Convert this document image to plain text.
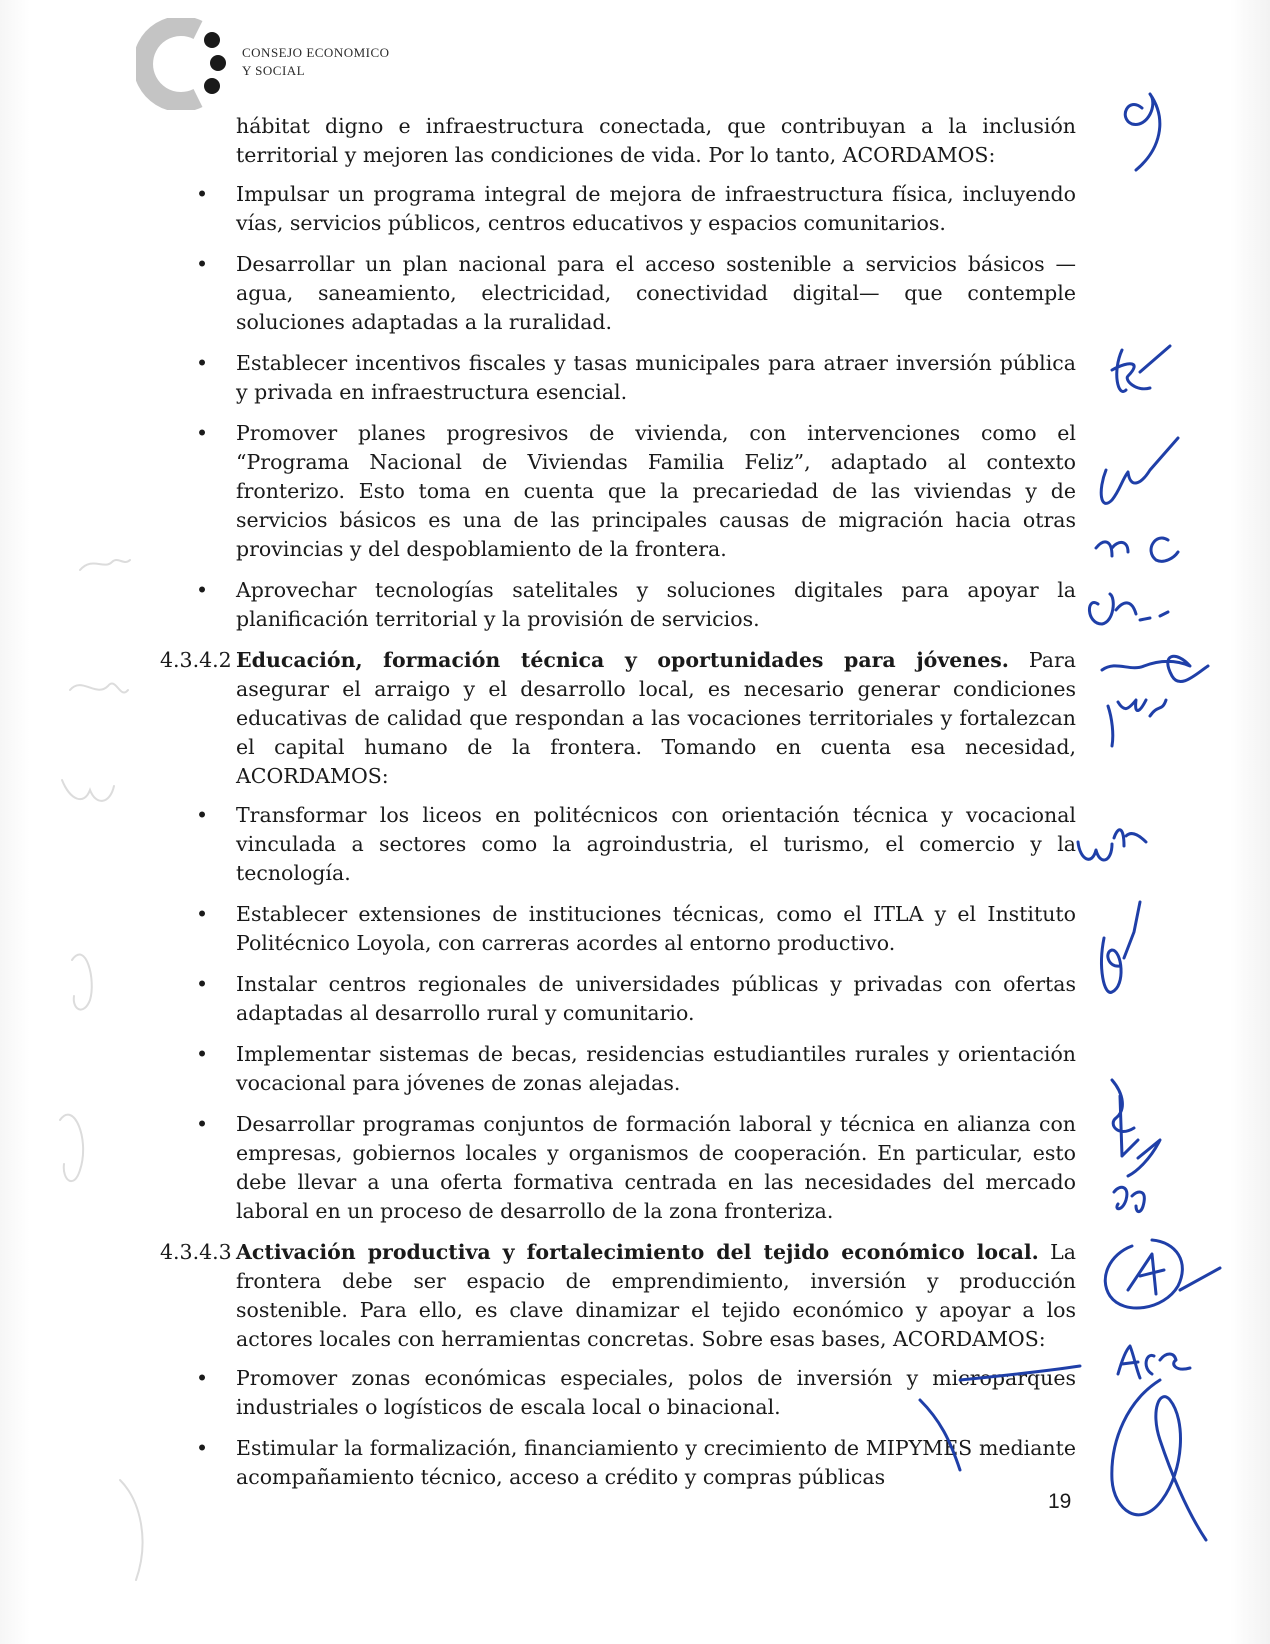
ES	CONSEJO ECONOMICO
Y SOCIAL

hábitat digno e infraestructura conectada, que contribuyan a la inclusión territorial y mejoren las condiciones de vida. Por lo tanto, ACORDAMOS:

• Impulsar un programa integral de mejora de infraestructura física, incluyendo vías, servicios públicos, centros educativos y espacios comunitarios.
• Desarrollar un plan nacional para el acceso sostenible a servicios básicos —agua, saneamiento, electricidad, conectividad digital— que contemple soluciones adaptadas a la ruralidad.
• Establecer incentivos fiscales y tasas municipales para atraer inversión pública y privada en infraestructura esencial.
• Promover planes progresivos de vivienda, con intervenciones como el “Programa Nacional de Viviendas Familia Feliz”, adaptado al contexto fronterizo. Esto toma en cuenta que la precariedad de las viviendas y de servicios básicos es una de las principales causas de migración hacia otras provincias y del despoblamiento de la frontera.
• Aprovechar tecnologías satelitales y soluciones digitales para apoyar la planificación territorial y la provisión de servicios.
4.3.4.2 Educación, formación técnica y oportunidades para jóvenes. Para asegurar el arraigo y el desarrollo local, es necesario generar condiciones educativas de calidad que respondan a las vocaciones territoriales y fortalezcan el capital humano de la frontera. Tomando en cuenta esa necesidad, ACORDAMOS:
• Transformar los liceos en politécnicos con orientación técnica y vocacional vinculada a sectores como la agroindustria, el turismo, el comercio y la tecnología.
• Establecer extensiones de instituciones técnicas, como el ITLA y el Instituto Politécnico Loyola, con carreras acordes al entorno productivo.
• Instalar centros regionales de universidades públicas y privadas con ofertas adaptadas al desarrollo rural y comunitario.
• Implementar sistemas de becas, residencias estudiantiles rurales y orientación vocacional para jóvenes de zonas alejadas.
• Desarrollar programas conjuntos de formación laboral y técnica en alianza con empresas, gobiernos locales y organismos de cooperación. En particular, esto debe llevar a una oferta formativa centrada en las necesidades del mercado laboral en un proceso de desarrollo de la zona fronteriza.
4.3.4.3 Activación productiva y fortalecimiento del tejido económico local. La frontera debe ser espacio de emprendimiento, inversión y producción sostenible. Para ello, es clave dinamizar el tejido económico y apoyar a los actores locales con herramientas concretas. Sobre esas bases, ACORDAMOS:
• Promover zonas económicas especiales, polos de inversión y microparques industriales o logísticos de escala local o binacional.
• Estimular la formalización, financiamiento y crecimiento de MIPYMES mediante acompañamiento técnico, acceso a crédito y compras públicas
19
